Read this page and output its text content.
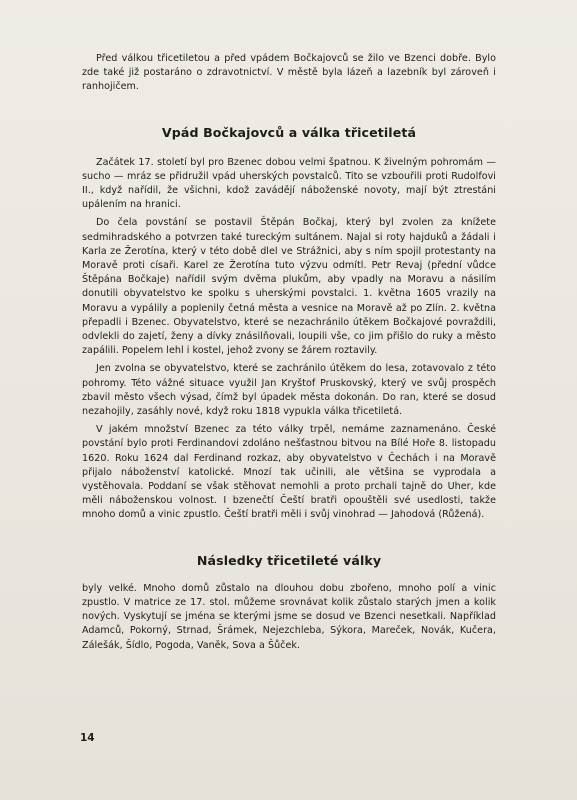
Před válkou třicetiletou a před vpádem Bočkajovců se žilo ve Bzenci dobře. Bylo zde také již postaráno o zdravotnictví. V městě byla lázeň a lazebník byl zároveň i ranhojičem.

Vpád Bočkajovců a válka třicetiletá

Začátek 17. století byl pro Bzenec dobou velmi špatnou. K živelným pohromám — sucho — mráz se přidružil vpád uherských povstalců. Tito se vzbouřili proti Rudolfovi II., když nařídil, že všichni, kdož zavádějí náboženské novoty, mají být ztrestáni upálením na hranici.

Do čela povstání se postavil Štěpán Bočkaj, který byl zvolen za knížete sedmihradského a potvrzen také tureckým sultánem. Najal si roty hajduků a žádali i Karla ze Žerotína, který v této době dlel ve Strážnici, aby s ním spojil protestanty na Moravě proti císaři. Karel ze Žerotína tuto výzvu odmítl. Petr Revaj (přední vůdce Štěpána Bočkaje) nařídil svým dvěma plukům, aby vpadly na Moravu a násilím donutili obyvatelstvo ke spolku s uherskými povstalci. 1. května 1605 vrazily na Moravu a vypálily a poplenily četná města a vesnice na Moravě až po Zlín. 2. května přepadli i Bzenec. Obyvatelstvo, které se nezachránilo útěkem Bočkajové povraždili, odvlekli do zajetí, ženy a dívky znásilňovali, loupili vše, co jim přišlo do ruky a město zapálili. Popelem lehl i kostel, jehož zvony se žárem roztavily.

Jen zvolna se obyvatelstvo, které se zachránilo útěkem do lesa, zotavovalo z této pohromy. Této vážné situace využil Jan Kryštof Pruskovský, který ve svůj prospěch zbavil město všech výsad, čímž byl úpadek města dokonán. Do ran, které se dosud nezahojily, zasáhly nové, když roku 1818 vypukla válka třicetiletá.

V jakém množství Bzenec za této války trpěl, nemáme zaznamenáno. České povstání bylo proti Ferdinandovi zdoláno nešťastnou bitvou na Bílé Hoře 8. listopadu 1620. Roku 1624 dal Ferdinand rozkaz, aby obyvatelstvo v Čechách i na Moravě přijalo náboženství katolické. Mnozí tak učinili, ale většina se vyprodala a vystěhovala. Poddaní se však stěhovat nemohli a proto prchali tajně do Uher, kde měli náboženskou volnost. I bzenečtí Čeští bratři opouštěli své usedlosti, takže mnoho domů a vinic zpustlo. Čeští bratři měli i svůj vinohrad — Jahodová (Růžená).

Následky třicetileté války

byly velké. Mnoho domů zůstalo na dlouhou dobu zbořeno, mnoho polí a vinic zpustlo. V matrice ze 17. stol. můžeme srovnávat kolik zůstalo starých jmen a kolik nových. Vyskytují se jména se kterými jsme se dosud ve Bzenci nesetkali. Například Adamců, Pokorný, Strnad, Šrámek, Nejezchleba, Sýkora, Mareček, Novák, Kučera, Zálešák, Šídlo, Pogoda, Vaněk, Sova a Šůček.

14
